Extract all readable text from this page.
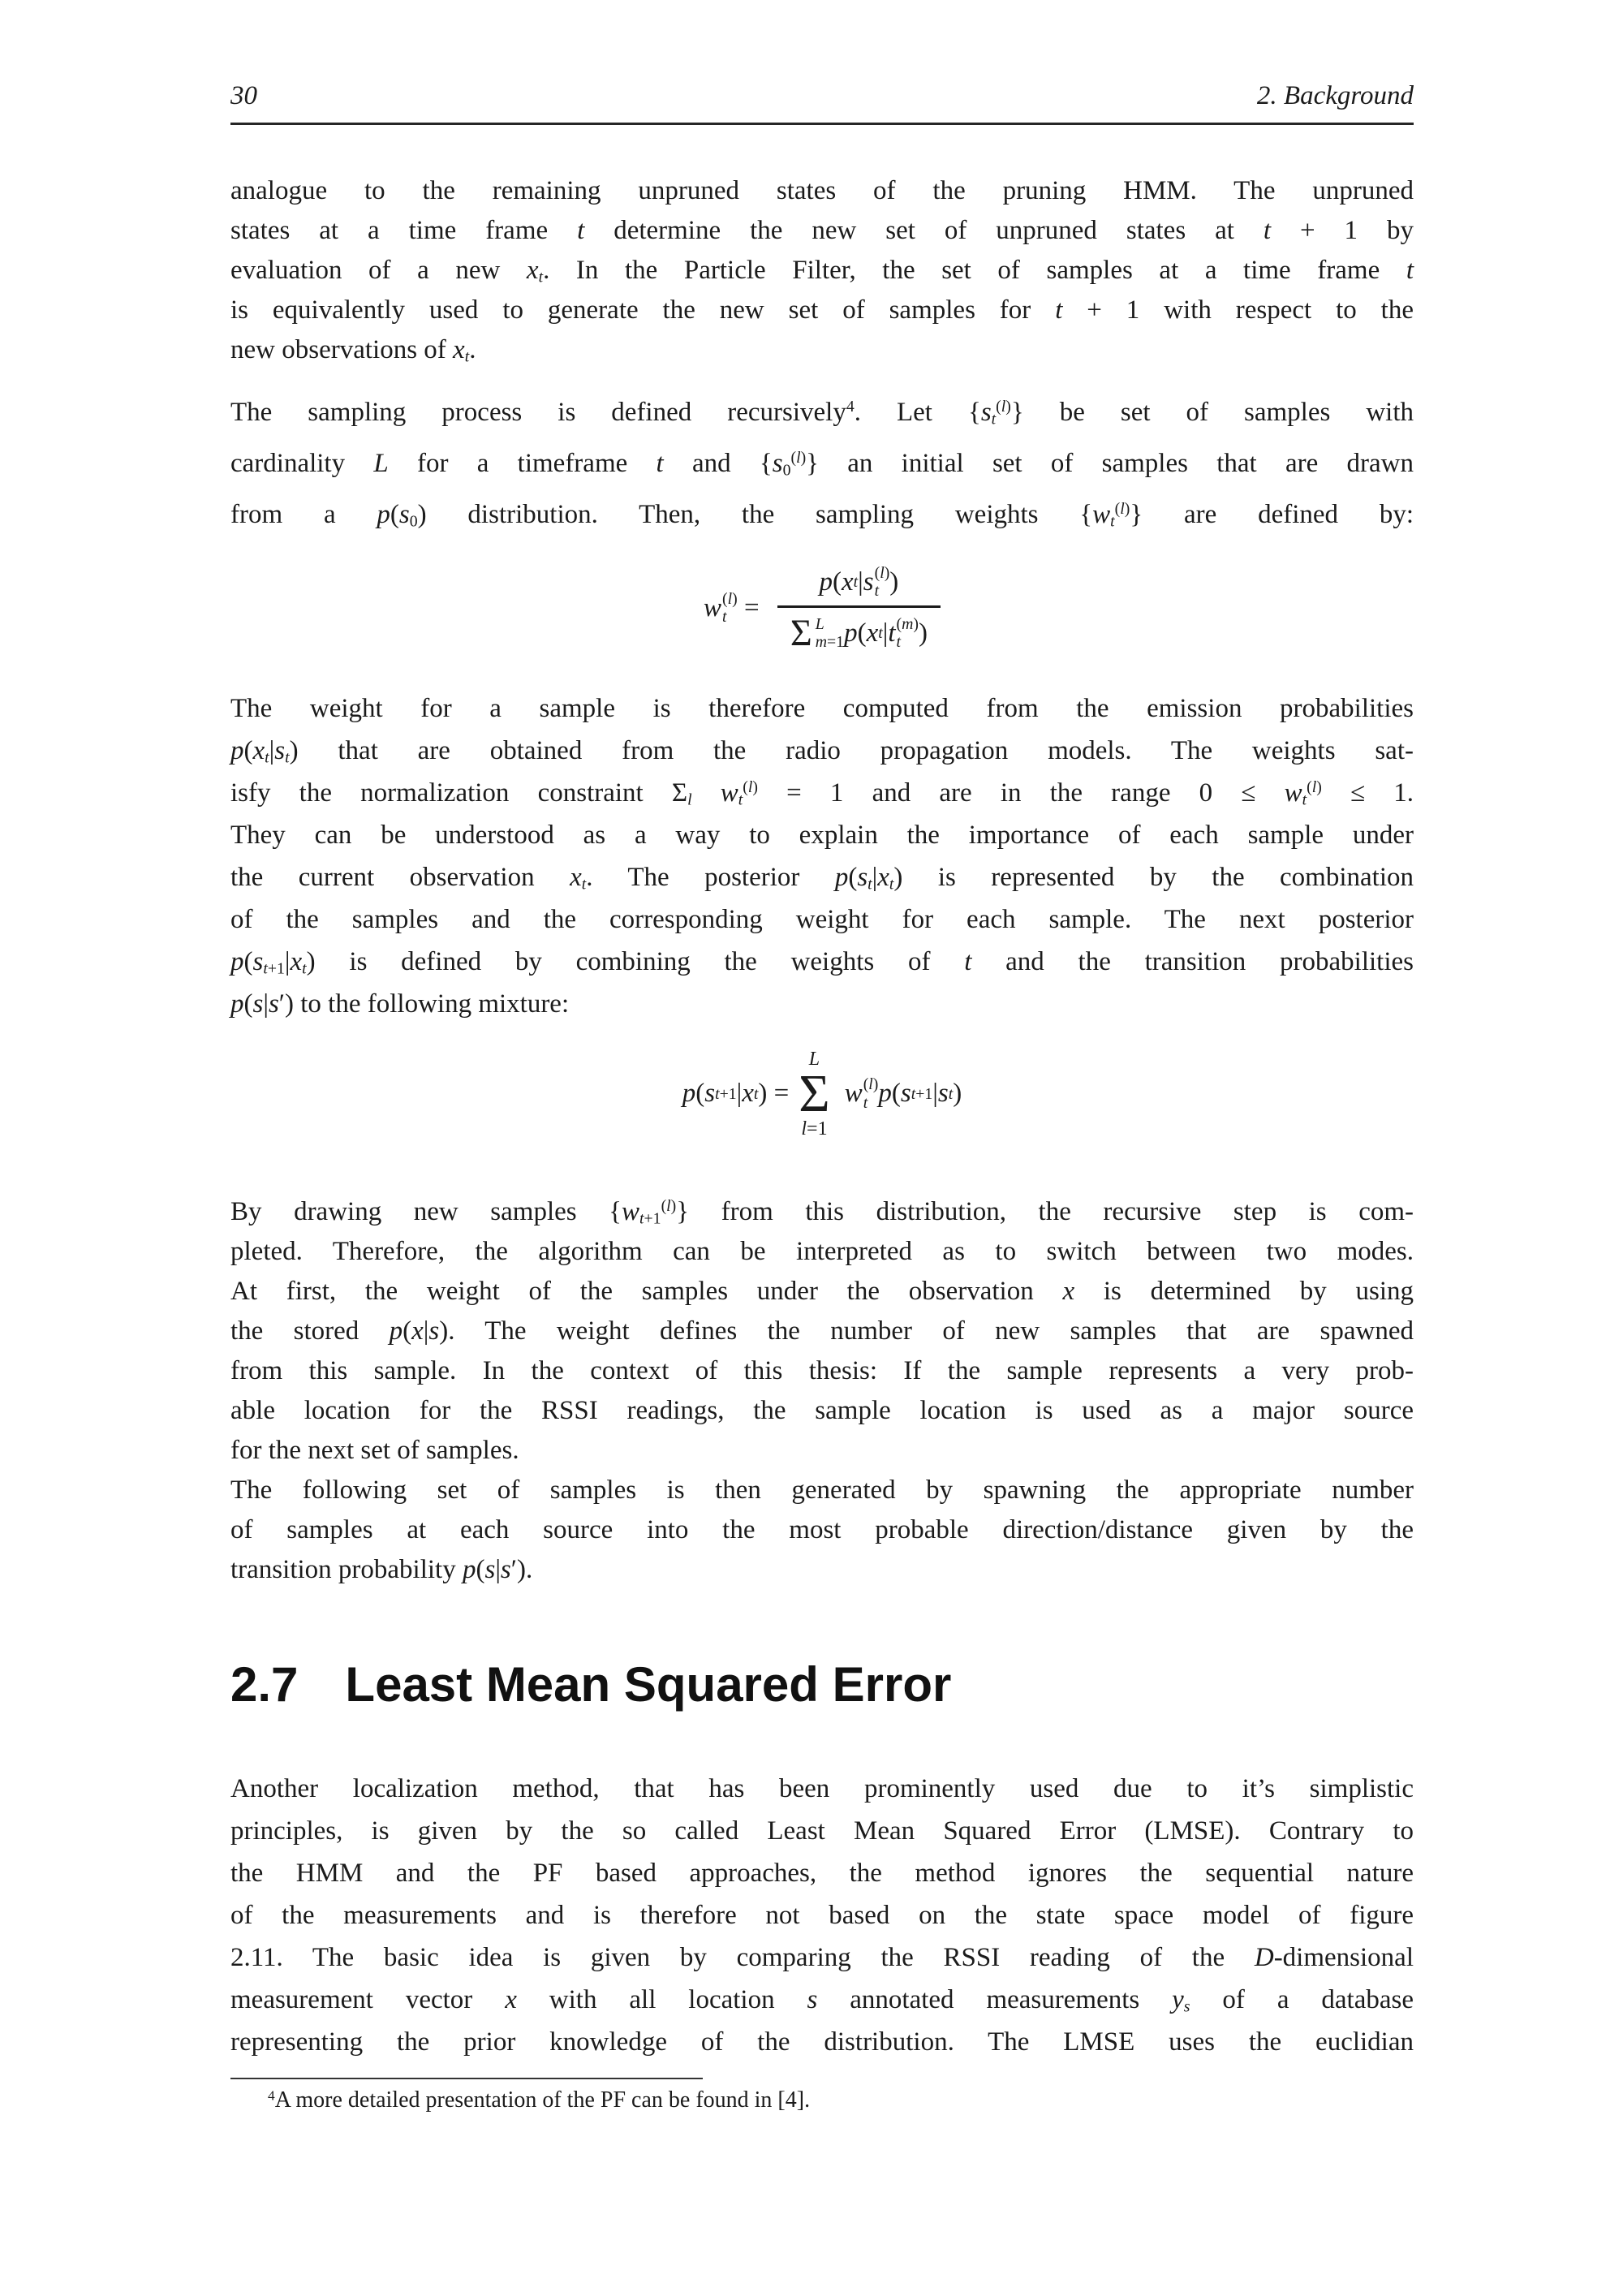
30	2. Background
analogue to the remaining unpruned states of the pruning HMM. The unpruned
states at a time frame t determine the new set of unpruned states at t + 1 by
evaluation of a new $x_t$. In the Particle Filter, the set of samples at a time frame t
is equivalently used to generate the new set of samples for t + 1 with respect to the
new observations of $x_t$.
The sampling process is defined recursively$^4$. Let $\{s_t^{(l)}\}$ be set of samples with
cardinality L for a timeframe t and $\{s_0^{(l)}\}$ an initial set of samples that are drawn
from a $p(s_0)$ distribution. Then, the sampling weights $\{w_t^{(l)}\}$ are defined by:
w (l)
t = p ( x t | s (l)
t )
Σ L
m=1 p ( x t | t (m)
t )
The weight for a sample is therefore computed from the emission probabilities
$p(x_t|s_t)$ that are obtained from the radio propagation models. The weights sat-
isfy the normalization constraint $\Sigma_l$ $w_t^{(l)} = 1$ and are in the range $0 \le w_t^{(l)} \le 1$.
They can be understood as a way to explain the importance of each sample under
the current observation $x_t$. The posterior $p(s_t|x_t)$ is represented by the combination
of the samples and the corresponding weight for each sample. The next posterior
$p(s_{t+1}|x_t)$ is defined by combining the weights of t and the transition probabilities
p(s|s′) to the following mixture:
p ( s t+1 | x t ) =
L
Σ
l=1
w (l)
t p ( s t+1 | s t )
By drawing new samples $\{w_{t+1}^{(l)}\}$ from this distribution, the recursive step is com-
pleted. Therefore, the algorithm can be interpreted as to switch between two modes.
At first, the weight of the samples under the observation x is determined by using
the stored p(x|s). The weight defines the number of new samples that are spawned
from this sample. In the context of this thesis: If the sample represents a very prob-
able location for the RSSI readings, the sample location is used as a major source
for the next set of samples.
The following set of samples is then generated by spawning the appropriate number
of samples at each source into the most probable direction/distance given by the
transition probability p(s|s′).
2.7 Least Mean Squared Error
Another localization method, that has been prominently used due to it’s simplistic
principles, is given by the so called Least Mean Squared Error (LMSE). Contrary to
the HMM and the PF based approaches, the method ignores the sequential nature
of the measurements and is therefore not based on the state space model of figure
2.11. The basic idea is given by comparing the RSSI reading of the D-dimensional
measurement vector x with all location s annotated measurements $y_s$ of a database
representing the prior knowledge of the distribution. The LMSE uses the euclidian
$^4$A more detailed presentation of the PF can be found in [4].
